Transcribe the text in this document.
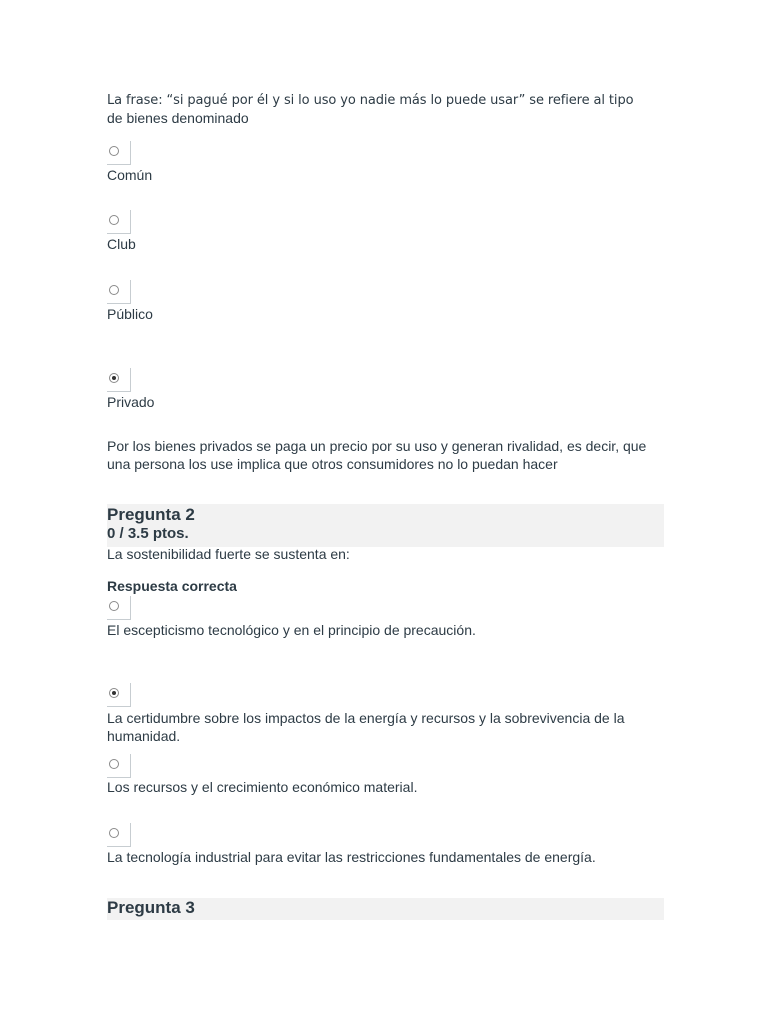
La frase: “si pagué por él y si lo uso yo nadie más lo puede usar” se refiere al tipo
de bienes denominado
Común
Club
Público
Privado
Por los bienes privados se paga un precio por su uso y generan rivalidad, es decir, que una persona los use implica que otros consumidores no lo puedan hacer
Pregunta 2
0 / 3.5 ptos.
La sostenibilidad fuerte se sustenta en:
Respuesta correcta
El escepticismo tecnológico y en el principio de precaución.
La certidumbre sobre los impactos de la energía y recursos y la sobrevivencia de la humanidad.
Los recursos y el crecimiento económico material.
La tecnología industrial para evitar las restricciones fundamentales de energía.
Pregunta 3
